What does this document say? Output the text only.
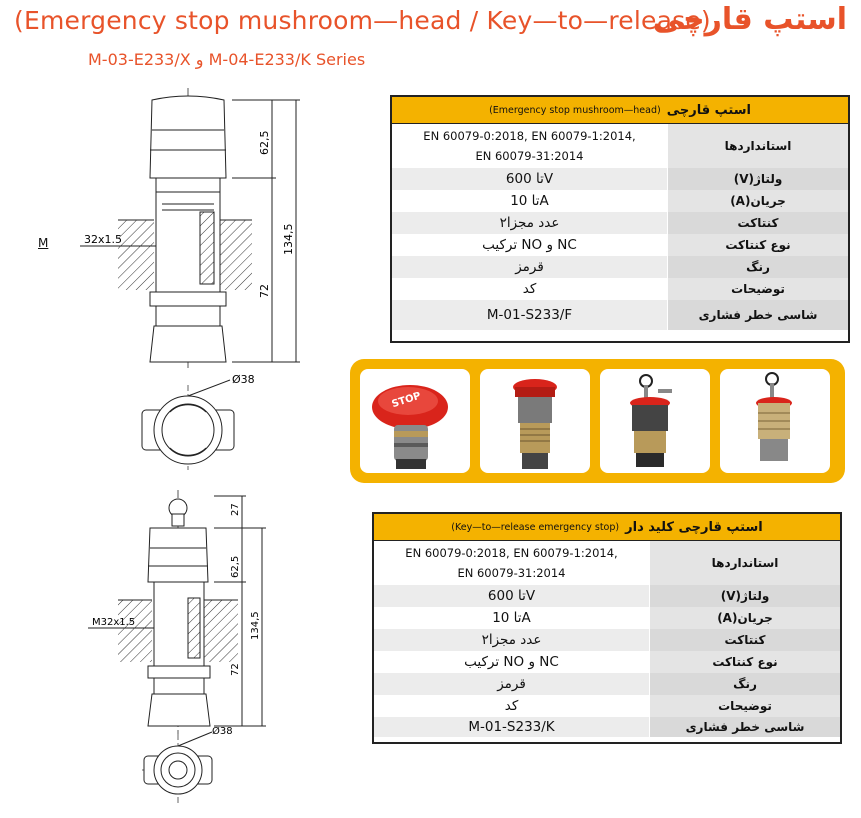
(Emergency stop mushroom—head / Key—to—release)
استپ قارچی
M-03-E233/X و M-04-E233/K Series
M
62,5
134,5
72
32x1.5
Ø38
27
62,5
134,5
72
M32x1.5
Ø38
استپ قارچی
(Emergency stop mushroom—head)
EN 60079-0:2018, EN 60079-1:2014,
EN 60079-31:2014
استانداردها
تا 600V	ولتاژ(V)
تا 10A	جریان(A)
۲عدد مجزا	کنتاکت
ترکیب NO و NC	نوع کنتاکت
قرمز	رنگ
کد	توضیحات
M-01-S233/F	شاسی خطر فشاری
STOP
استپ قارچی کلید دار
(Key—to—release emergency stop)
EN 60079-0:2018, EN 60079-1:2014,
EN 60079-31:2014
استانداردها
تا 600V	ولتاژ(V)
تا 10A	جریان(A)
۲عدد مجزا	کنتاکت
ترکیب NO و NC	نوع کنتاکت
قرمز	رنگ
کد	توضیحات
M-01-S233/K	شاسی خطر فشاری
